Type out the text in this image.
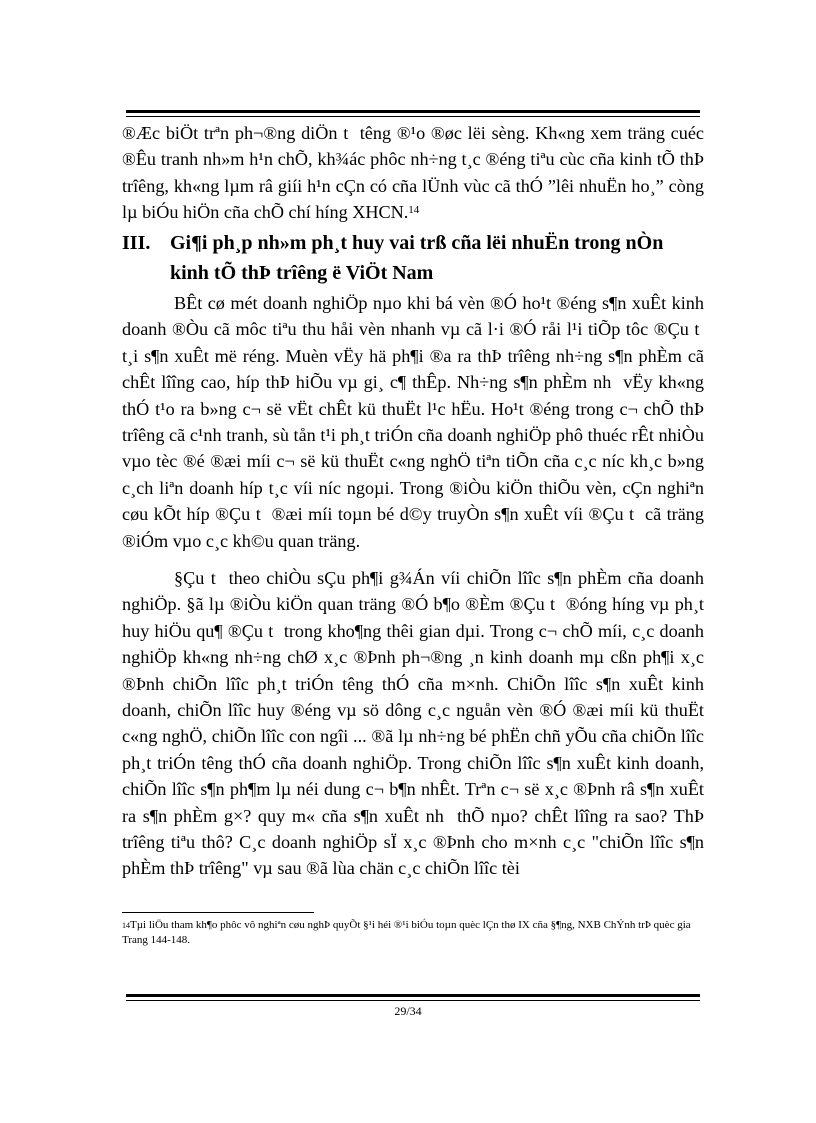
®Æc biÖt trªn ph¬®ng diÖn t  têng ®¹o ®øc lëi sèng. Kh«ng xem träng cuéc ®Êu tranh nh»m h¹n chÕ, kh¾ác phôc nh÷ng t¸c ®éng tiªu cùc cña kinh tÕ thÞ trîêng, kh«ng lµm râ giíi h¹n cÇn có cña lÜnh vùc cã thÓ ”lêi nhuËn ho¸” còng lµ biÓu hiÖn cña chÕ chí híng XHCN.$^{14}$

III. Gi¶i ph¸p nh»m ph¸t huy vai trß cña lëi nhuËn trong nÒn
kinh tÕ thÞ trîêng ë ViÖt Nam

BÊt cø mét doanh nghiÖp nµo khi bá vèn ®Ó ho¹t ®éng s¶n xuÊt kinh doanh ®Òu cã môc tiªu thu håi vèn nhanh vµ cã l·i ®Ó råi l¹i tiÕp tôc ®Çu t  t¸i s¶n xuÊt më réng. Muèn vËy hä ph¶i ®a ra thÞ trîêng nh÷ng s¶n phÈm cã chÊt lîîng cao, híp thÞ hiÕu vµ gi¸ c¶ thÊp. Nh÷ng s¶n phÈm nh  vËy kh«ng thÓ t¹o ra b»ng c¬ së vËt chÊt kü thuËt l¹c hËu. Ho¹t ®éng trong c¬ chÕ thÞ trîêng cã c¹nh tranh, sù tån t¹i ph¸t triÓn cña doanh nghiÖp phô thuéc rÊt nhiÒu vµo tèc ®é ®æi míi c¬ së kü thuËt c«ng nghÖ tiªn tiÕn cña c¸c níc kh¸c b»ng c¸ch liªn doanh híp t¸c víi níc ngoµi. Trong ®iÒu kiÖn thiÕu vèn, cÇn nghiªn cøu kÕt híp ®Çu t  ®æi míi toµn bé d©y truyÒn s¶n xuÊt víi ®Çu t  cã träng ®iÓm vµo c¸c kh©u quan träng.

§Çu t  theo chiÒu sÇu ph¶i g¾Án víi chiÕn lîîc s¶n phÈm cña doanh nghiÖp. §ã lµ ®iÒu kiÖn quan träng ®Ó b¶o ®Èm ®Çu t  ®óng híng vµ ph¸t huy hiÖu qu¶ ®Çu t  trong kho¶ng thêi gian dµi. Trong c¬ chÕ míi, c¸c doanh nghiÖp kh«ng nh÷ng chØ x¸c ®Þnh ph¬®ng ¸n kinh doanh mµ cßn ph¶i x¸c ®Þnh chiÕn lîîc ph¸t triÓn têng thÓ cña m×nh. ChiÕn lîîc s¶n xuÊt kinh doanh, chiÕn lîîc huy ®éng vµ sö dông c¸c nguån vèn ®Ó ®æi míi kü thuËt c«ng nghÖ, chiÕn lîîc con ngîi ... ®ã lµ nh÷ng bé phËn chñ yÕu cña chiÕn lîîc ph¸t triÓn têng thÓ cña doanh nghiÖp. Trong chiÕn lîîc s¶n xuÊt kinh doanh, chiÕn lîîc s¶n ph¶m lµ néi dung c¬ b¶n nhÊt. Trªn c¬ së x¸c ®Þnh râ s¶n xuÊt ra s¶n phÈm g×? quy m« cña s¶n xuÊt nh  thÕ nµo? chÊt lîîng ra sao? ThÞ trîêng tiªu thô? C¸c doanh nghiÖp sÏ x¸c ®Þnh cho m×nh c¸c "chiÕn lîîc s¶n phÈm thÞ trîêng" vµ sau ®ã lùa chän c¸c chiÕn lîîc tèi

$^{14}$Tµi liÖu tham kh¶o phôc vô nghiªn cøu nghÞ quyÕt §¹i héi ®¹i biÓu toµn quèc lÇn thø IX cña §¶ng, NXB ChÝnh trÞ quèc gia Trang 144-148.

29/34
